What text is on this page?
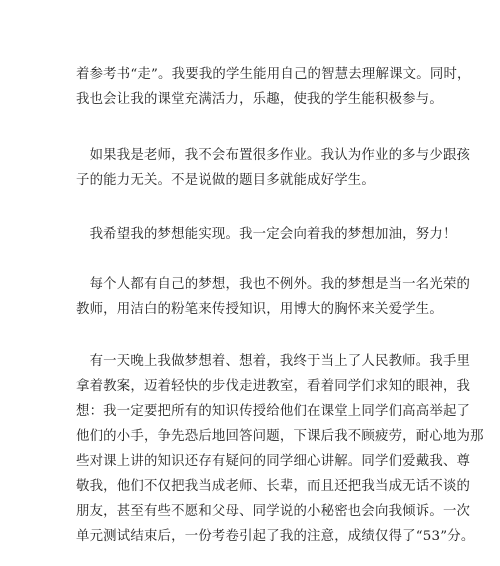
着参考书“走”。我要我的学生能用自己的智慧去理解课文。同时，
我也会让我的课堂充满活力，乐趣，使我的学生能积极参与。

　如果我是老师，我不会布置很多作业。我认为作业的多与少跟孩
子的能力无关。不是说做的题目多就能成好学生。

　我希望我的梦想能实现。我一定会向着我的梦想加油，努力！

　每个人都有自己的梦想，我也不例外。我的梦想是当一名光荣的
教师，用洁白的粉笔来传授知识，用博大的胸怀来关爱学生。

　有一天晚上我做梦想着、想着，我终于当上了人民教师。我手里
拿着教案，迈着轻快的步伐走进教室，看着同学们求知的眼神，我
想：我一定要把所有的知识传授给他们在课堂上同学们高高举起了
他们的小手，争先恐后地回答问题，下课后我不顾疲劳，耐心地为那
些对课上讲的知识还存有疑问的同学细心讲解。同学们爱戴我、尊
敬我，他们不仅把我当成老师、长辈，而且还把我当成无话不谈的
朋友，甚至有些不愿和父母、同学说的小秘密也会向我倾诉。一次
单元测试结束后，一份考卷引起了我的注意，成绩仅得了“53”分。
